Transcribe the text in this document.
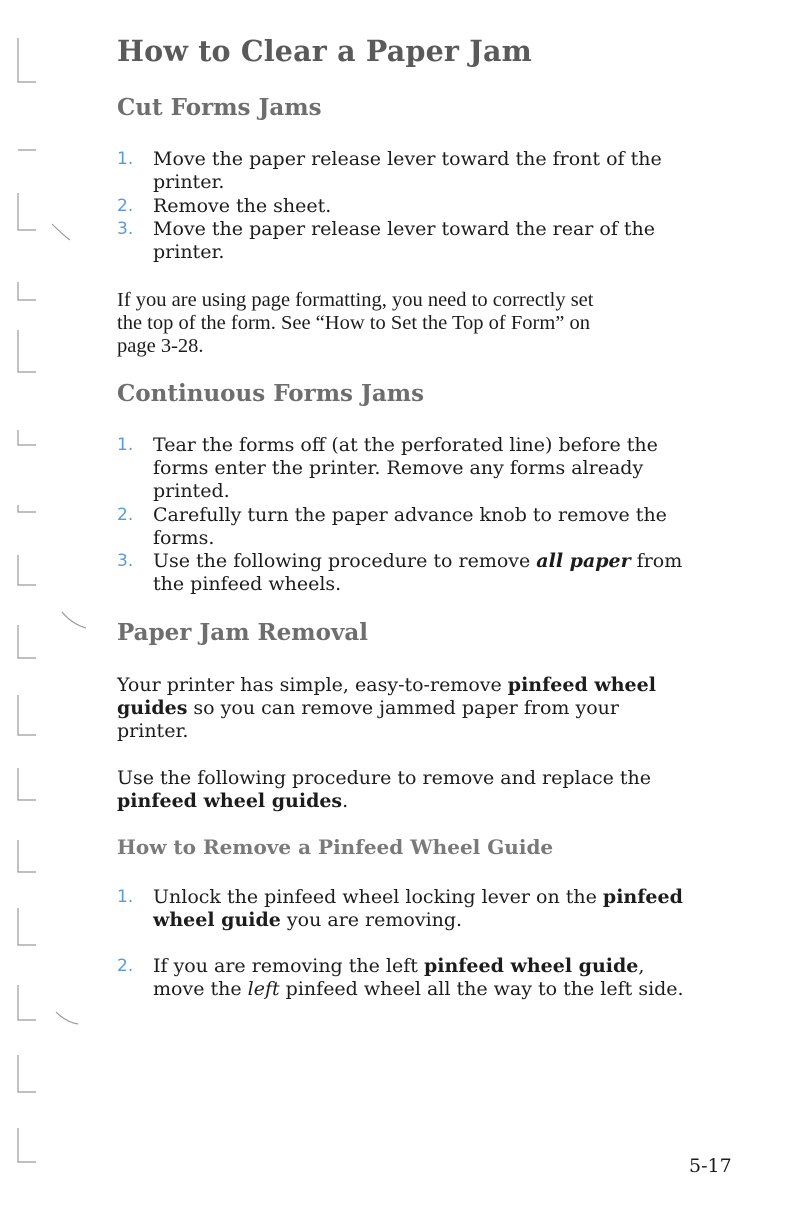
How to Clear a Paper Jam
Cut Forms Jams
1.	Move the paper release lever toward the front of the
printer.
2.	Remove the sheet.
3.	Move the paper release lever toward the rear of the
printer.
If you are using page formatting, you need to correctly set
the top of the form. See “How to Set the Top of Form” on
page 3-28.
Continuous Forms Jams
1.	Tear the forms off (at the perforated line) before the
forms enter the printer. Remove any forms already
printed.
2.	Carefully turn the paper advance knob to remove the
forms.
3.	Use the following procedure to remove all paper from
the pinfeed wheels.
Paper Jam Removal
Your printer has simple, easy-to-remove pinfeed wheel
guides so you can remove jammed paper from your
printer.
Use the following procedure to remove and replace the
pinfeed wheel guides.
How to Remove a Pinfeed Wheel Guide
1.	Unlock the pinfeed wheel locking lever on the pinfeed
wheel guide you are removing.
2.	If you are removing the left pinfeed wheel guide,
move the left pinfeed wheel all the way to the left side.
5-17
